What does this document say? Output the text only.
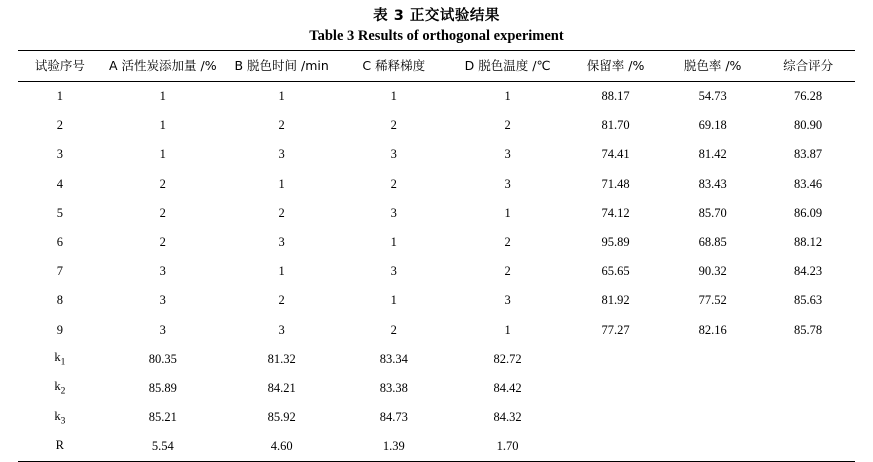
表 3 正交试验结果
Table 3 Results of orthogonal experiment
试验序号	A 活性炭添加量 /%	B 脱色时间 /min	C 稀释梯度	D 脱色温度 /℃	保留率 /%	脱色率 /%	综合评分
1	1	1	1	1	88.17	54.73	76.28
2	1	2	2	2	81.70	69.18	80.90
3	1	3	3	3	74.41	81.42	83.87
4	2	1	2	3	71.48	83.43	83.46
5	2	2	3	1	74.12	85.70	86.09
6	2	3	1	2	95.89	68.85	88.12
7	3	1	3	2	65.65	90.32	84.23
8	3	2	1	3	81.92	77.52	85.63
9	3	3	2	1	77.27	82.16	85.78
$k_1$	80.35	81.32	83.34	82.72			
$k_2$	85.89	84.21	83.38	84.42			
$k_3$	85.21	85.92	84.73	84.32			
R	5.54	4.60	1.39	1.70			
